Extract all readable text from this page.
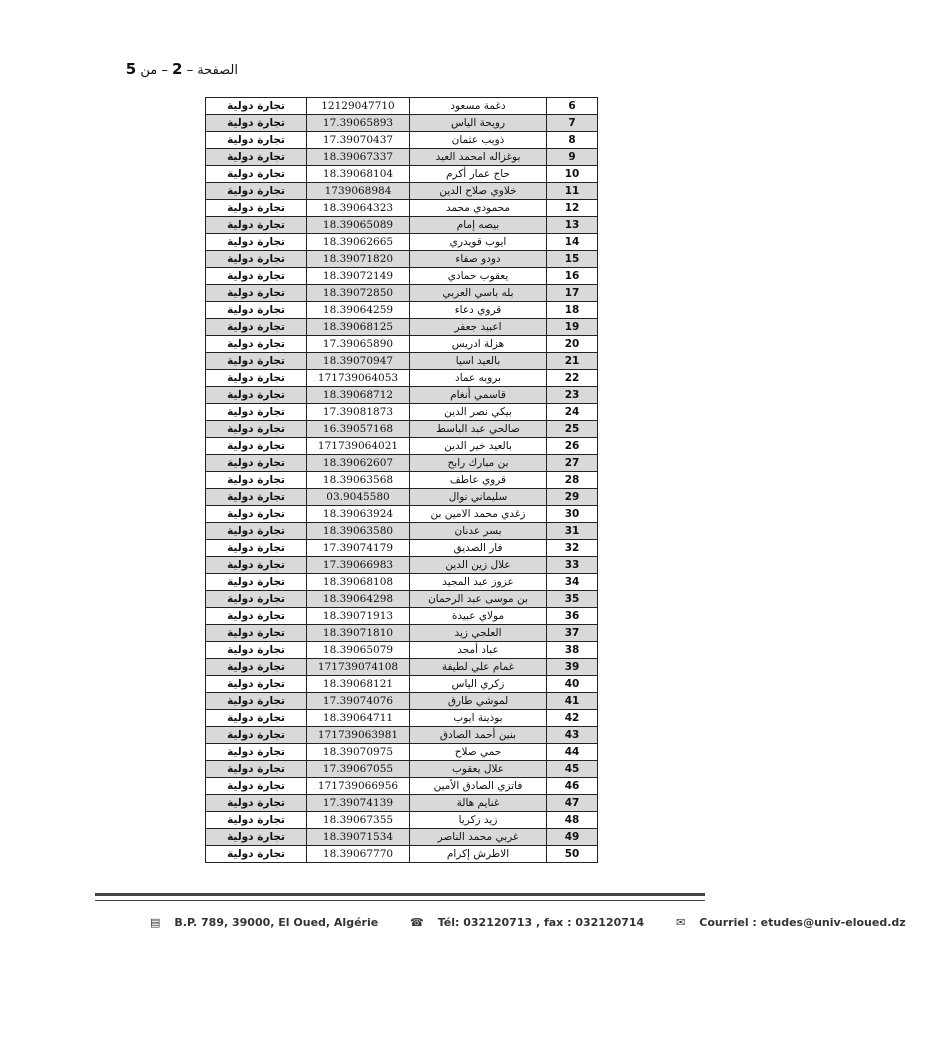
الصفحة – 2 – من 5
تجارة دولية	12129047710	دغمة مسعود	6
تجارة دولية	17.39065893	رويحة الياس	7
تجارة دولية	17.39070437	ذويب عثمان	8
تجارة دولية	18.39067337	بوغزاله امحمد العيد	9
تجارة دولية	18.39068104	حاج عمار أكرم	10
تجارة دولية	1739068984	خلاوي صلاح الدين	11
تجارة دولية	18.39064323	محمودي محمد	12
تجارة دولية	18.39065089	بيصه إمام	13
تجارة دولية	18.39062665	ايوب قويدري	14
تجارة دولية	18.39071820	دودو صفاء	15
تجارة دولية	18.39072149	يعقوب حمادي	16
تجارة دولية	18.39072850	بله باسي العربي	17
تجارة دولية	18.39064259	قروي دعاء	18
تجارة دولية	18.39068125	اعبيد جعفر	19
تجارة دولية	17.39065890	هزلة ادريس	20
تجارة دولية	18.39070947	بالعيد اسيا	21
تجارة دولية	171739064053	بروبه عماد	22
تجارة دولية	18.39068712	قاسمي أنغام	23
تجارة دولية	17.39081873	بيكي نصر الدين	24
تجارة دولية	16.39057168	صالحي عبد الباسط	25
تجارة دولية	171739064021	بالعيد خير الدين	26
تجارة دولية	18.39062607	بن مبارك رابح	27
تجارة دولية	18.39063568	قروي عاطف	28
تجارة دولية	03.9045580	سليماني نوال	29
تجارة دولية	18.39063924	زغدي محمد الامين بن	30
تجارة دولية	18.39063580	بسر عدنان	31
تجارة دولية	17.39074179	فار الصديق	32
تجارة دولية	17.39066983	علال زين الدين	33
تجارة دولية	18.39068108	عزوز عبد المجيد	34
تجارة دولية	18.39064298	بن موسى عبد الرحمان	35
تجارة دولية	18.39071913	مولاي عبيدة	36
تجارة دولية	18.39071810	العلجي زيد	37
تجارة دولية	18.39065079	عباد أمجد	38
تجارة دولية	171739074108	غمام علي لطيفة	39
تجارة دولية	18.39068121	زكري الياس	40
تجارة دولية	17.39074076	لموشي طارق	41
تجارة دولية	18.39064711	بوذينة ايوب	42
تجارة دولية	171739063981	بنين أحمد الصادق	43
تجارة دولية	18.39070975	حمي صلاح	44
تجارة دولية	17.39067055	علال يعقوب	45
تجارة دولية	171739066956	فاتزي الصادق الأمين	46
تجارة دولية	17.39074139	غنايم هالة	47
تجارة دولية	18.39067355	زيد زكريا	48
تجارة دولية	18.39071534	غربي محمد الناصر	49
تجارة دولية	18.39067770	الاطرش إكرام	50
▤ B.P. 789, 39000, El Oued, Algérie	☎ Tél: 032120713 , fax : 032120714	✉ Courriel : etudes@univ-eloued.dz
